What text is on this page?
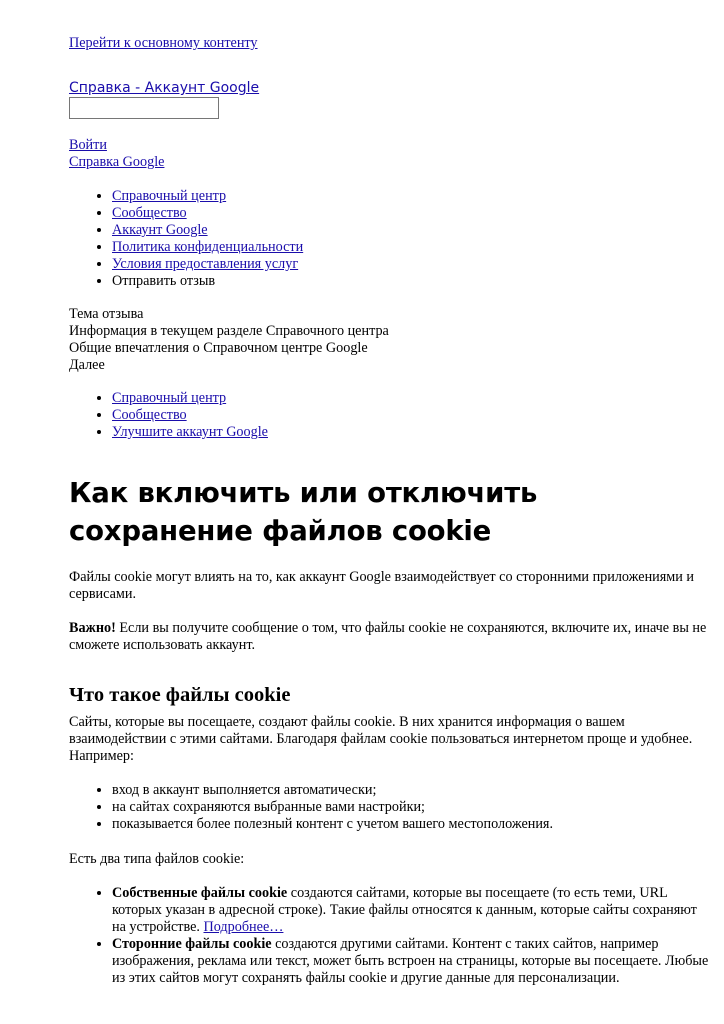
Перейти к основному контенту
Справка - Аккаунт Google
Войти
Справка Google
• Справочный центр
• Сообщество
• Аккаунт Google
• Политика конфиденциальности
• Условия предоставления услуг
• Отправить отзыв
Тема отзыва
Информация в текущем разделе Справочного центра
Общие впечатления о Справочном центре Google
Далее
• Справочный центр
• Сообщество
• Улучшите аккаунт Google
Как включить или отключить сохранение файлов cookie

Файлы cookie могут влиять на то, как аккаунт Google взаимодействует со сторонними приложениями и сервисами.

Важно! Если вы получите сообщение о том, что файлы cookie не сохраняются, включите их, иначе вы не сможете использовать аккаунт.

Что такое файлы cookie

Сайты, которые вы посещаете, создают файлы cookie. В них хранится информация о вашем взаимодействии с этими сайтами. Благодаря файлам cookie пользоваться интернетом проще и удобнее. Например:

• вход в аккаунт выполняется автоматически;
• на сайтах сохраняются выбранные вами настройки;
• показывается более полезный контент с учетом вашего местоположения.

Есть два типа файлов cookie:

• Собственные файлы cookie создаются сайтами, которые вы посещаете (то есть теми, URL которых указан в адресной строке). Такие файлы относятся к данным, которые сайты сохраняют на устройстве. Подробнее…
• Сторонние файлы cookie создаются другими сайтами. Контент с таких сайтов, например изображения, реклама или текст, может быть встроен на страницы, которые вы посещаете. Любые из этих сайтов могут сохранять файлы cookie и другие данные для персонализации.
